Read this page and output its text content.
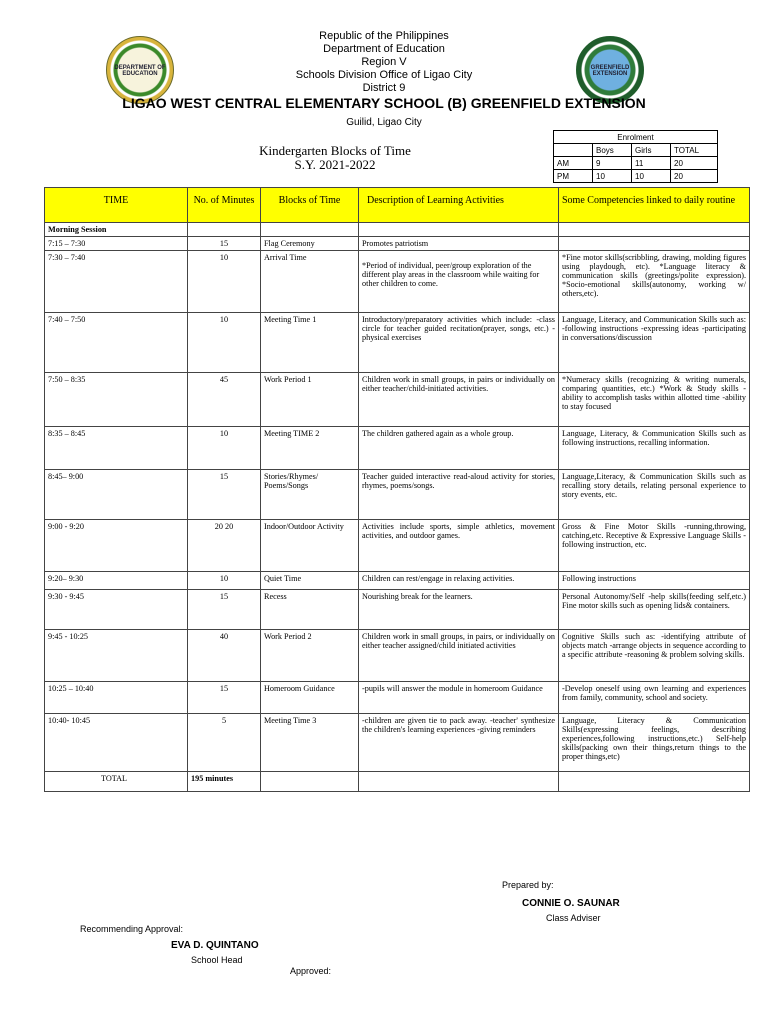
DEPARTMENT OF EDUCATION
GREENFIELD EXTENSION
Republic of the Philippines
Department of Education
Region V
Schools Division Office of Ligao City
District 9
LIGAO WEST CENTRAL ELEMENTARY SCHOOL (B) GREENFIELD EXTENSION
Guilid, Ligao City
Kindergarten Blocks of Time
S.Y. 2021-2022
Enrolment			
	Boys	Girls	TOTAL
AM	9	11	20
PM	10	10	20
TIME	No. of Minutes	Blocks of Time	Description of Learning Activities	Some Competencies linked to daily routine
Morning Session				
7:15 – 7:30	15	Flag Ceremony	Promotes patriotism	
7:30 – 7:40	10	Arrival Time	*Period of individual, peer/group exploration of the different play areas in the classroom while waiting for other children to come.	*Fine motor skills(scribbling, drawing, molding figures using playdough, etc). *Language literacy & communication skills (greetings/polite expression). *Socio-emotional skills(autonomy, working w/ others,etc).
7:40 – 7:50	10	Meeting Time 1	Introductory/preparatory activities which include: -class circle for teacher guided recitation(prayer, songs, etc.) - physical exercises	Language, Literacy, and Communication Skills such as: -following instructions -expressing ideas -participating in conversations/discussion
7:50 – 8:35	45	Work Period 1	Children work in small groups, in pairs or individually on either teacher/child-initiated activities.	*Numeracy skills (recognizing & writing numerals, comparing quantities, etc.) *Work & Study skills -ability to accomplish tasks within allotted time -ability to stay focused
8:35 – 8:45	10	Meeting TIME 2	The children gathered again as a whole group.	Language, Literacy, & Communication Skills such as following instructions, recalling information.
8:45– 9:00	15	Stories/Rhymes/ Poems/Songs	Teacher guided interactive read-aloud activity for stories, rhymes, poems/songs.	Language,Literacy, & Communication Skills such as recalling story details, relating personal experience to story events, etc.
9:00 - 9:20	20 20	Indoor/Outdoor Activity	Activities include sports, simple athletics, movement activities, and outdoor games.	Gross & Fine Motor Skills -running,throwing, catching,etc. Receptive & Expressive Language Skills -following instruction, etc.
9:20– 9:30	10	Quiet Time	Children can rest/engage in relaxing activities.	Following instructions
9:30 - 9:45	15	Recess	Nourishing break for the learners.	Personal Autonomy/Self -help skills(feeding self,etc.) Fine motor skills such as opening lids& containers.
9:45 - 10:25	40	Work Period 2	Children work in small groups, in pairs, or individually on either teacher assigned/child initiated activities	Cognitive Skills such as: -identifying attribute of objects match -arrange objects in sequence according to a specific attribute -reasoning & problem solving skills.
10:25 – 10:40	15	Homeroom Guidance	-pupils will answer the module in homeroom Guidance	-Develop oneself using own learning and experiences from family, community, school and society.
10:40- 10:45	5	Meeting Time 3	-children are given tie to pack away. -teacher' synthesize the children's learning experiences -giving reminders	Language, Literacy & Communication Skills(expressing feelings, describing experiences,following instructions,etc.) Self-help skills(packing own their things,return things to the proper things,etc)
TOTAL	195 minutes			
Prepared by:
CONNIE O. SAUNAR
Class Adviser
Recommending Approval:
EVA D. QUINTANO
School Head
Approved:
